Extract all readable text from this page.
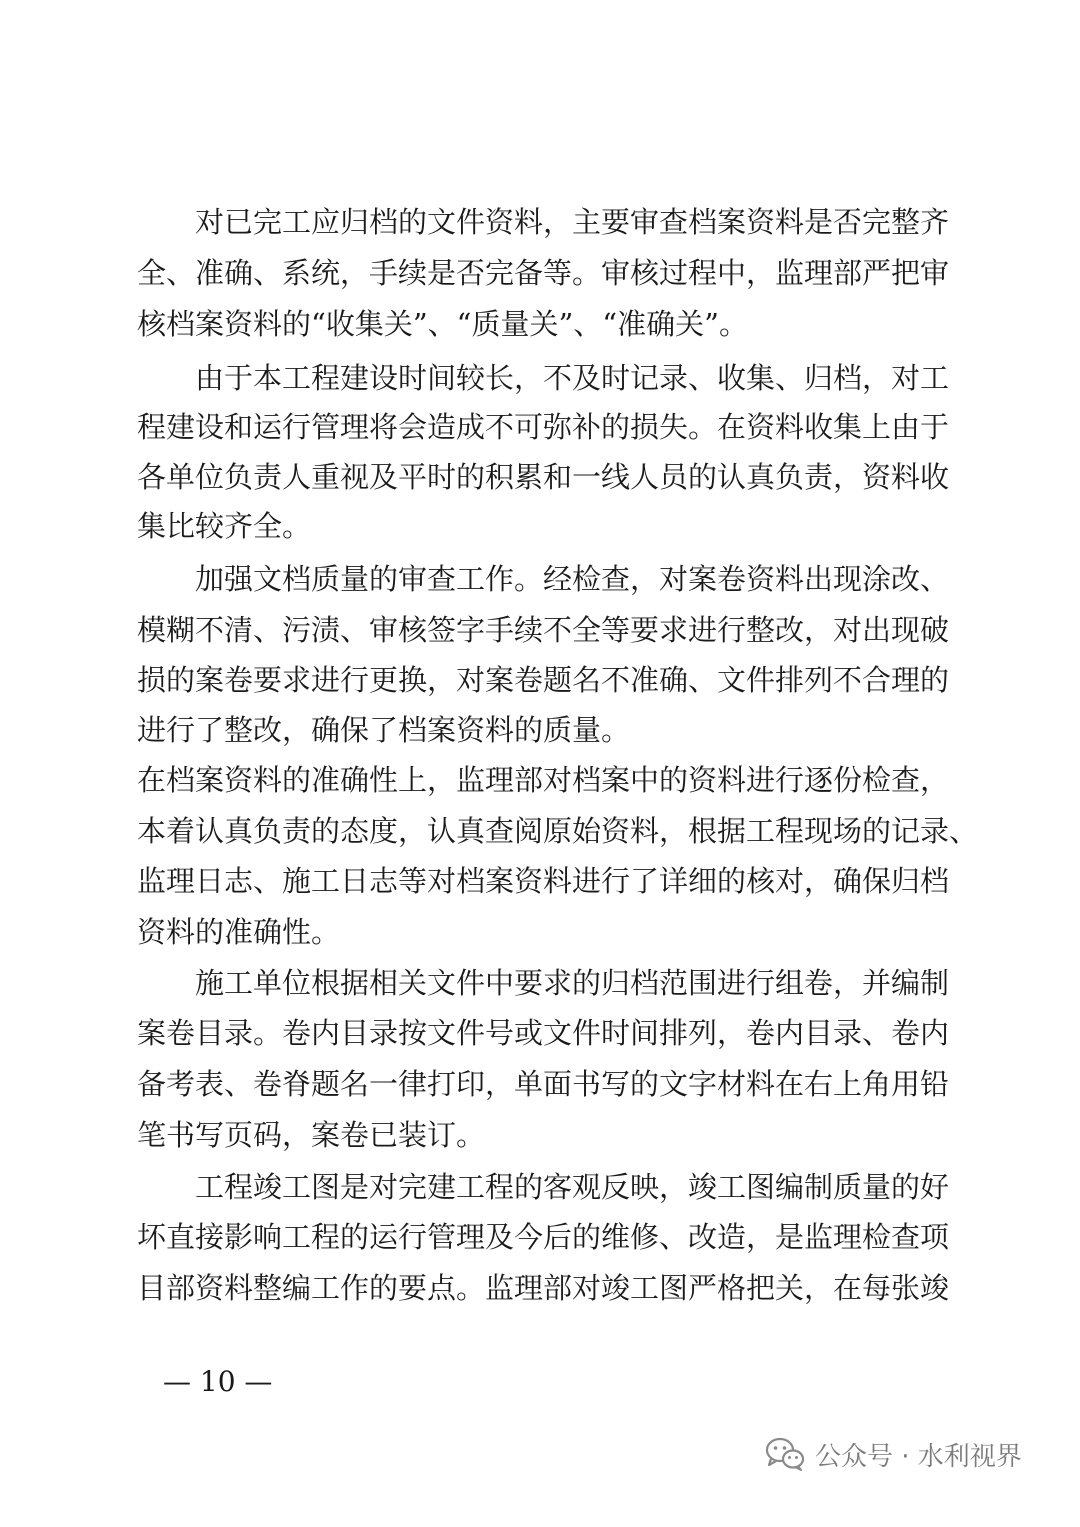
对已完工应归档的文件资料，主要审查档案资料是否完整齐
全、准确、系统，手续是否完备等。审核过程中，监理部严把审
核档案资料的“收集关”、“质量关”、“准确关”。
由于本工程建设时间较长，不及时记录、收集、归档，对工
程建设和运行管理将会造成不可弥补的损失。在资料收集上由于
各单位负责人重视及平时的积累和一线人员的认真负责，资料收
集比较齐全。
加强文档质量的审查工作。经检查，对案卷资料出现涂改、
模糊不清、污渍、审核签字手续不全等要求进行整改，对出现破
损的案卷要求进行更换，对案卷题名不准确、文件排列不合理的
进行了整改，确保了档案资料的质量。
在档案资料的准确性上，监理部对档案中的资料进行逐份检查，
本着认真负责的态度，认真查阅原始资料，根据工程现场的记录、
监理日志、施工日志等对档案资料进行了详细的核对，确保归档
资料的准确性。
施工单位根据相关文件中要求的归档范围进行组卷，并编制
案卷目录。卷内目录按文件号或文件时间排列，卷内目录、卷内
备考表、卷脊题名一律打印，单面书写的文字材料在右上角用铅
笔书写页码，案卷已装订。
工程竣工图是对完建工程的客观反映，竣工图编制质量的好
坏直接影响工程的运行管理及今后的维修、改造，是监理检查项
目部资料整编工作的要点。监理部对竣工图严格把关，在每张竣
— 10 —
公众号 · 水利视界
